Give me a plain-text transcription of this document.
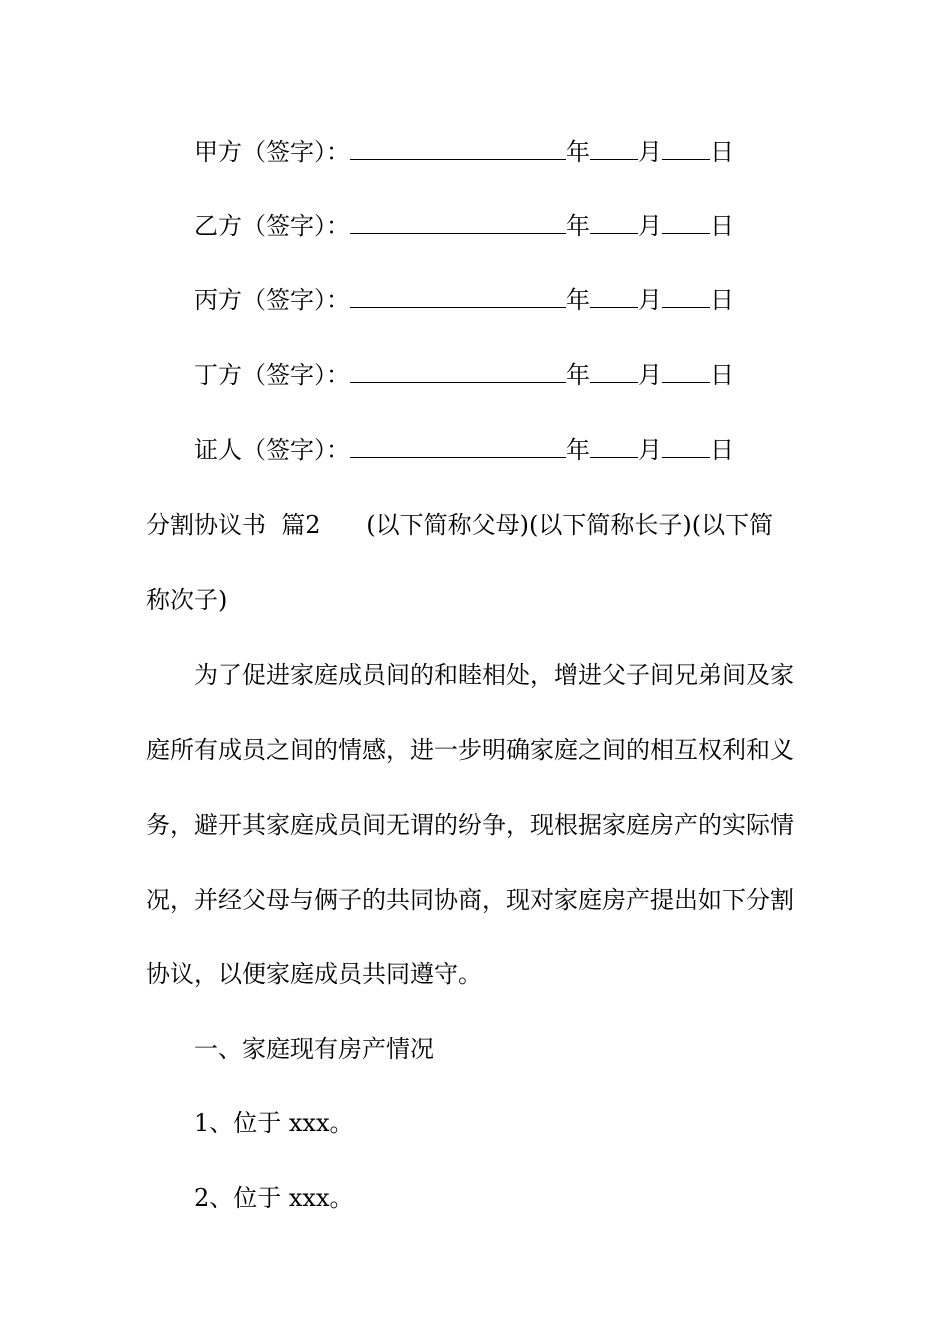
甲方（签字）：	年 月 日
乙方（签字）：	年 月 日
丙方（签字）：	年 月 日
丁方（签字）：	年 月 日
证人（签字）：	年 月 日
分割协议书  篇2      (以下简称父母)(以下简称长子)(以下简
称次子)
为了促进家庭成员间的和睦相处，增进父子间兄弟间及家
庭所有成员之间的情感，进一步明确家庭之间的相互权利和义
务，避开其家庭成员间无谓的纷争，现根据家庭房产的实际情
况，并经父母与俩子的共同协商，现对家庭房产提出如下分割
协议，以便家庭成员共同遵守。
一、家庭现有房产情况
1、位于 xxx。
2、位于 xxx。
